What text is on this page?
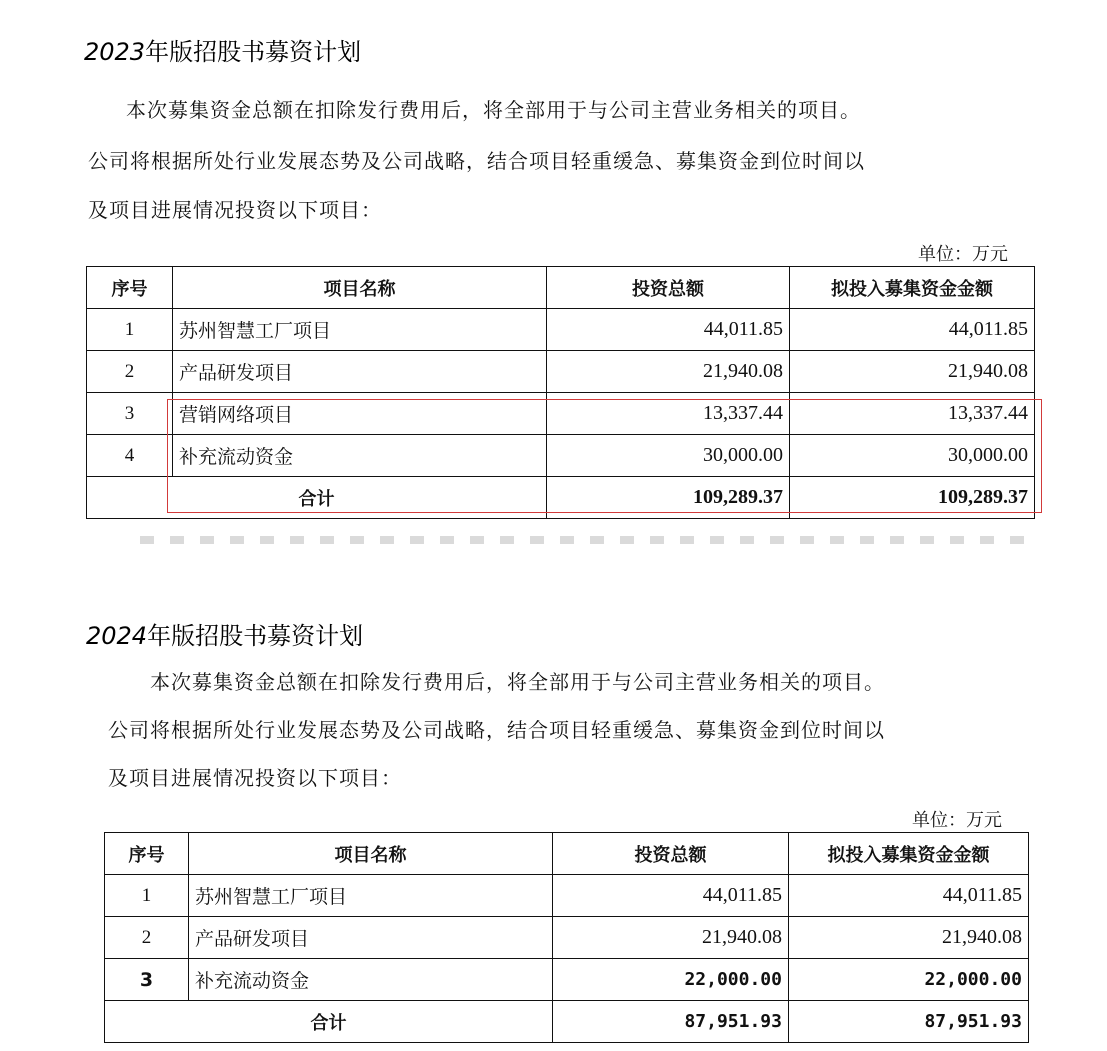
2023年版招股书募资计划
本次募集资金总额在扣除发行费用后，将全部用于与公司主营业务相关的项目。
公司将根据所处行业发展态势及公司战略，结合项目轻重缓急、募集资金到位时间以
及项目进展情况投资以下项目：
单位：万元
序号	项目名称	投资总额	拟投入募集资金金额
1	苏州智慧工厂项目	44,011.85	44,011.85
2	产品研发项目	21,940.08	21,940.08
3	营销网络项目	13,337.44	13,337.44
4	补充流动资金	30,000.00	30,000.00
合计		109,289.37	109,289.37
2024年版招股书募资计划
本次募集资金总额在扣除发行费用后，将全部用于与公司主营业务相关的项目。
公司将根据所处行业发展态势及公司战略，结合项目轻重缓急、募集资金到位时间以
及项目进展情况投资以下项目：
单位：万元
序号	项目名称	投资总额	拟投入募集资金金额
1	苏州智慧工厂项目	44,011.85	44,011.85
2	产品研发项目	21,940.08	21,940.08
3	补充流动资金	22,000.00	22,000.00
合计		87,951.93	87,951.93
